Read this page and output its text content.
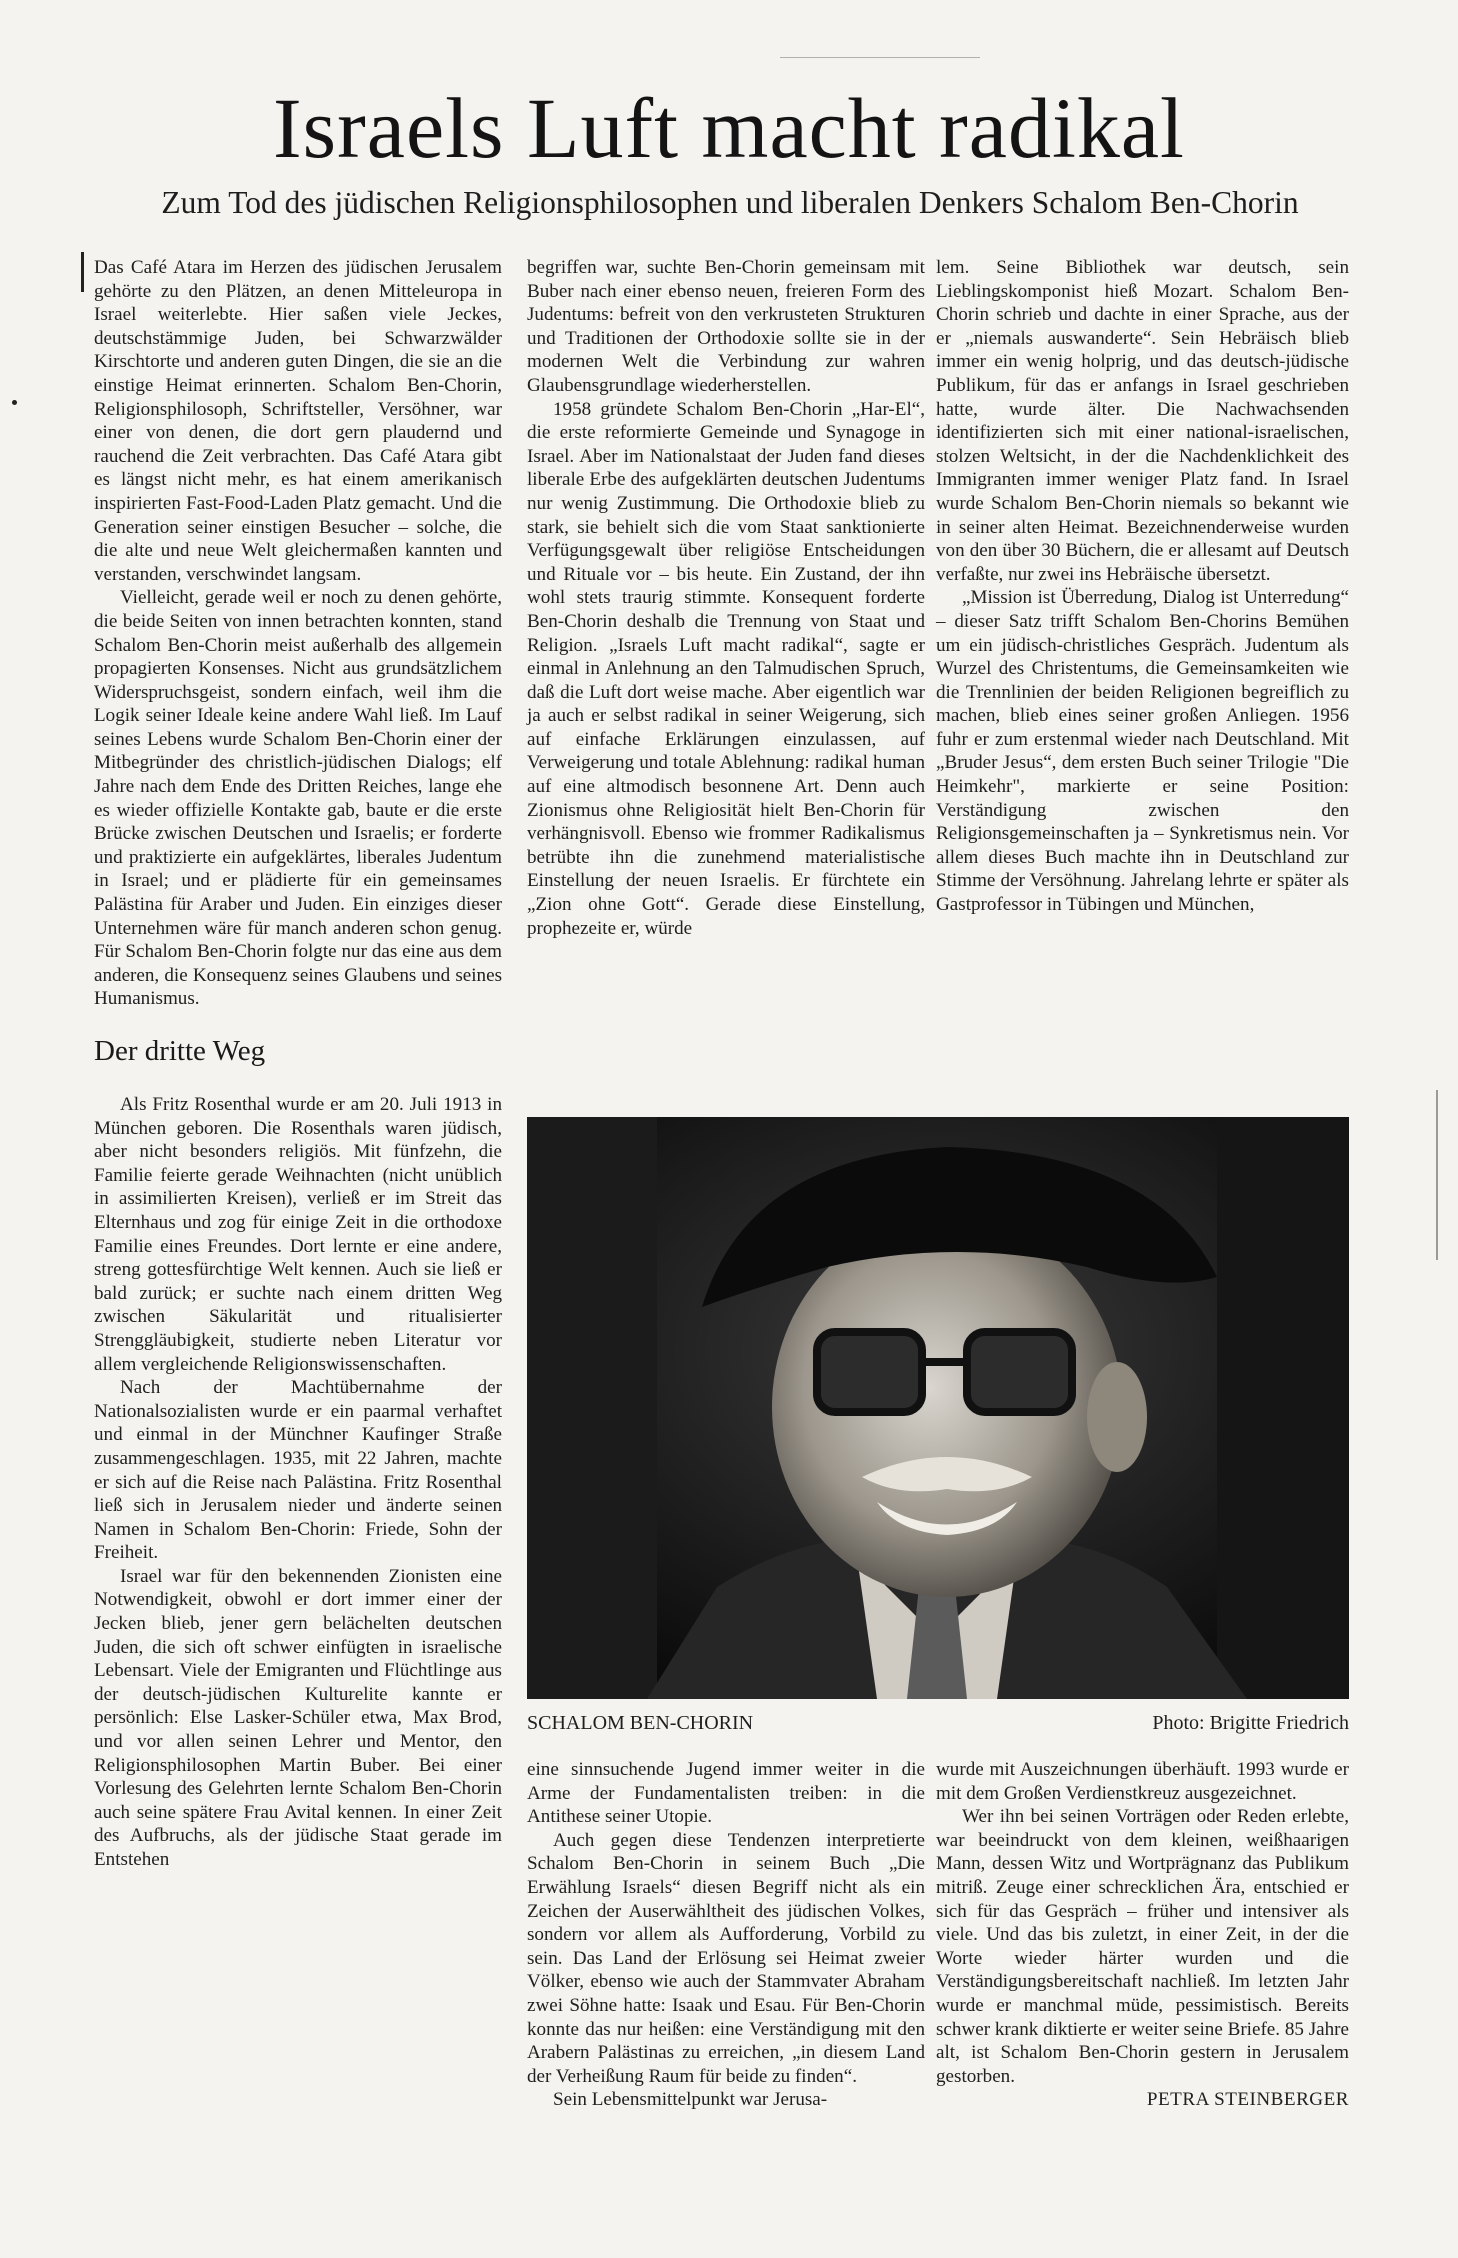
Israels Luft macht radikal
Zum Tod des jüdischen Religionsphilosophen und liberalen Denkers Schalom Ben-Chorin

Das Café Atara im Herzen des jüdischen Jerusalem gehörte zu den Plätzen, an denen Mitteleuropa in Israel weiterlebte. Hier saßen viele Jeckes, deutschstämmige Juden, bei Schwarzwälder Kirschtorte und anderen guten Dingen, die sie an die einstige Heimat erinnerten. Schalom Ben-Chorin, Religionsphilosoph, Schriftsteller, Versöhner, war einer von denen, die dort gern plaudernd und rauchend die Zeit verbrachten. Das Café Atara gibt es längst nicht mehr, es hat einem amerikanisch inspirierten Fast-Food-Laden Platz gemacht. Und die Generation seiner einstigen Besucher – solche, die die alte und neue Welt gleichermaßen kannten und verstanden, verschwindet langsam.

Vielleicht, gerade weil er noch zu denen gehörte, die beide Seiten von innen betrachten konnten, stand Schalom Ben-Chorin meist außerhalb des allgemein propagierten Konsenses. Nicht aus grundsätzlichem Widerspruchsgeist, sondern einfach, weil ihm die Logik seiner Ideale keine andere Wahl ließ. Im Lauf seines Lebens wurde Schalom Ben-Chorin einer der Mitbegründer des christlich-jüdischen Dialogs; elf Jahre nach dem Ende des Dritten Reiches, lange ehe es wieder offizielle Kontakte gab, baute er die erste Brücke zwischen Deutschen und Israelis; er forderte und praktizierte ein aufgeklärtes, liberales Judentum in Israel; und er plädierte für ein gemeinsames Palästina für Araber und Juden. Ein einziges dieser Unternehmen wäre für manch anderen schon genug. Für Schalom Ben-Chorin folgte nur das eine aus dem anderen, die Konsequenz seines Glaubens und seines Humanismus.

Der dritte Weg

Als Fritz Rosenthal wurde er am 20. Juli 1913 in München geboren. Die Rosenthals waren jüdisch, aber nicht besonders religiös. Mit fünfzehn, die Familie feierte gerade Weihnachten (nicht unüblich in assimilierten Kreisen), verließ er im Streit das Elternhaus und zog für einige Zeit in die orthodoxe Familie eines Freundes. Dort lernte er eine andere, streng gottesfürchtige Welt kennen. Auch sie ließ er bald zurück; er suchte nach einem dritten Weg zwischen Säkularität und ritualisierter Strenggläubigkeit, studierte neben Literatur vor allem vergleichende Religionswissenschaften.

Nach der Machtübernahme der Nationalsozialisten wurde er ein paarmal verhaftet und einmal in der Münchner Kaufinger Straße zusammengeschlagen. 1935, mit 22 Jahren, machte er sich auf die Reise nach Palästina. Fritz Rosenthal ließ sich in Jerusalem nieder und änderte seinen Namen in Schalom Ben-Chorin: Friede, Sohn der Freiheit.

Israel war für den bekennenden Zionisten eine Notwendigkeit, obwohl er dort immer einer der Jecken blieb, jener gern belächelten deutschen Juden, die sich oft schwer einfügten in israelische Lebensart. Viele der Emigranten und Flüchtlinge aus der deutsch-jüdischen Kulturelite kannte er persönlich: Else Lasker-Schüler etwa, Max Brod, und vor allen seinen Lehrer und Mentor, den Religionsphilosophen Martin Buber. Bei einer Vorlesung des Gelehrten lernte Schalom Ben-Chorin auch seine spätere Frau Avital kennen. In einer Zeit des Aufbruchs, als der jüdische Staat gerade im Entstehen

begriffen war, suchte Ben-Chorin gemeinsam mit Buber nach einer ebenso neuen, freieren Form des Judentums: befreit von den verkrusteten Strukturen und Traditionen der Orthodoxie sollte sie in der modernen Welt die Verbindung zur wahren Glaubensgrundlage wiederherstellen.

1958 gründete Schalom Ben-Chorin „Har-El“, die erste reformierte Gemeinde und Synagoge in Israel. Aber im Nationalstaat der Juden fand dieses liberale Erbe des aufgeklärten deutschen Judentums nur wenig Zustimmung. Die Orthodoxie blieb zu stark, sie behielt sich die vom Staat sanktionierte Verfügungsgewalt über religiöse Entscheidungen und Rituale vor – bis heute. Ein Zustand, der ihn wohl stets traurig stimmte. Konsequent forderte Ben-Chorin deshalb die Trennung von Staat und Religion. „Israels Luft macht radikal“, sagte er einmal in Anlehnung an den Talmudischen Spruch, daß die Luft dort weise mache. Aber eigentlich war ja auch er selbst radikal in seiner Weigerung, sich auf einfache Erklärungen einzulassen, auf Verweigerung und totale Ablehnung: radikal human auf eine altmodisch besonnene Art. Denn auch Zionismus ohne Religiosität hielt Ben-Chorin für verhängnisvoll. Ebenso wie frommer Radikalismus betrübte ihn die zunehmend materialistische Einstellung der neuen Israelis. Er fürchtete ein „Zion ohne Gott“. Gerade diese Einstellung, prophezeite er, würde

lem. Seine Bibliothek war deutsch, sein Lieblingskomponist hieß Mozart. Schalom Ben-Chorin schrieb und dachte in einer Sprache, aus der er „niemals auswanderte“. Sein Hebräisch blieb immer ein wenig holprig, und das deutsch-jüdische Publikum, für das er anfangs in Israel geschrieben hatte, wurde älter. Die Nachwachsenden identifizierten sich mit einer national-israelischen, stolzen Weltsicht, in der die Nachdenklichkeit des Immigranten immer weniger Platz fand. In Israel wurde Schalom Ben-Chorin niemals so bekannt wie in seiner alten Heimat. Bezeichnenderweise wurden von den über 30 Büchern, die er allesamt auf Deutsch verfaßte, nur zwei ins Hebräische übersetzt.

„Mission ist Überredung, Dialog ist Unterredung“ – dieser Satz trifft Schalom Ben-Chorins Bemühen um ein jüdisch-christliches Gespräch. Judentum als Wurzel des Christentums, die Gemeinsamkeiten wie die Trennlinien der beiden Religionen begreiflich zu machen, blieb eines seiner großen Anliegen. 1956 fuhr er zum erstenmal wieder nach Deutschland. Mit „Bruder Jesus“, dem ersten Buch seiner Trilogie "Die Heimkehr", markierte er seine Position: Verständigung zwischen den Religionsgemeinschaften ja – Synkretismus nein. Vor allem dieses Buch machte ihn in Deutschland zur Stimme der Versöhnung. Jahrelang lehrte er später als Gastprofessor in Tübingen und München,

SCHALOM BEN-CHORIN	Photo: Brigitte Friedrich

eine sinnsuchende Jugend immer weiter in die Arme der Fundamentalisten treiben: in die Antithese seiner Utopie.

Auch gegen diese Tendenzen interpretierte Schalom Ben-Chorin in seinem Buch „Die Erwählung Israels“ diesen Begriff nicht als ein Zeichen der Auserwähltheit des jüdischen Volkes, sondern vor allem als Aufforderung, Vorbild zu sein. Das Land der Erlösung sei Heimat zweier Völker, ebenso wie auch der Stammvater Abraham zwei Söhne hatte: Isaak und Esau. Für Ben-Chorin konnte das nur heißen: eine Verständigung mit den Arabern Palästinas zu erreichen, „in diesem Land der Verheißung Raum für beide zu finden“.

Sein Lebensmittelpunkt war Jerusa-

wurde mit Auszeichnungen überhäuft. 1993 wurde er mit dem Großen Verdienstkreuz ausgezeichnet.

Wer ihn bei seinen Vorträgen oder Reden erlebte, war beeindruckt von dem kleinen, weißhaarigen Mann, dessen Witz und Wortprägnanz das Publikum mitriß. Zeuge einer schrecklichen Ära, entschied er sich für das Gespräch – früher und intensiver als viele. Und das bis zuletzt, in einer Zeit, in der die Worte wieder härter wurden und die Verständigungsbereitschaft nachließ. Im letzten Jahr wurde er manchmal müde, pessimistisch. Bereits schwer krank diktierte er weiter seine Briefe. 85 Jahre alt, ist Schalom Ben-Chorin gestern in Jerusalem gestorben.

PETRA STEINBERGER
